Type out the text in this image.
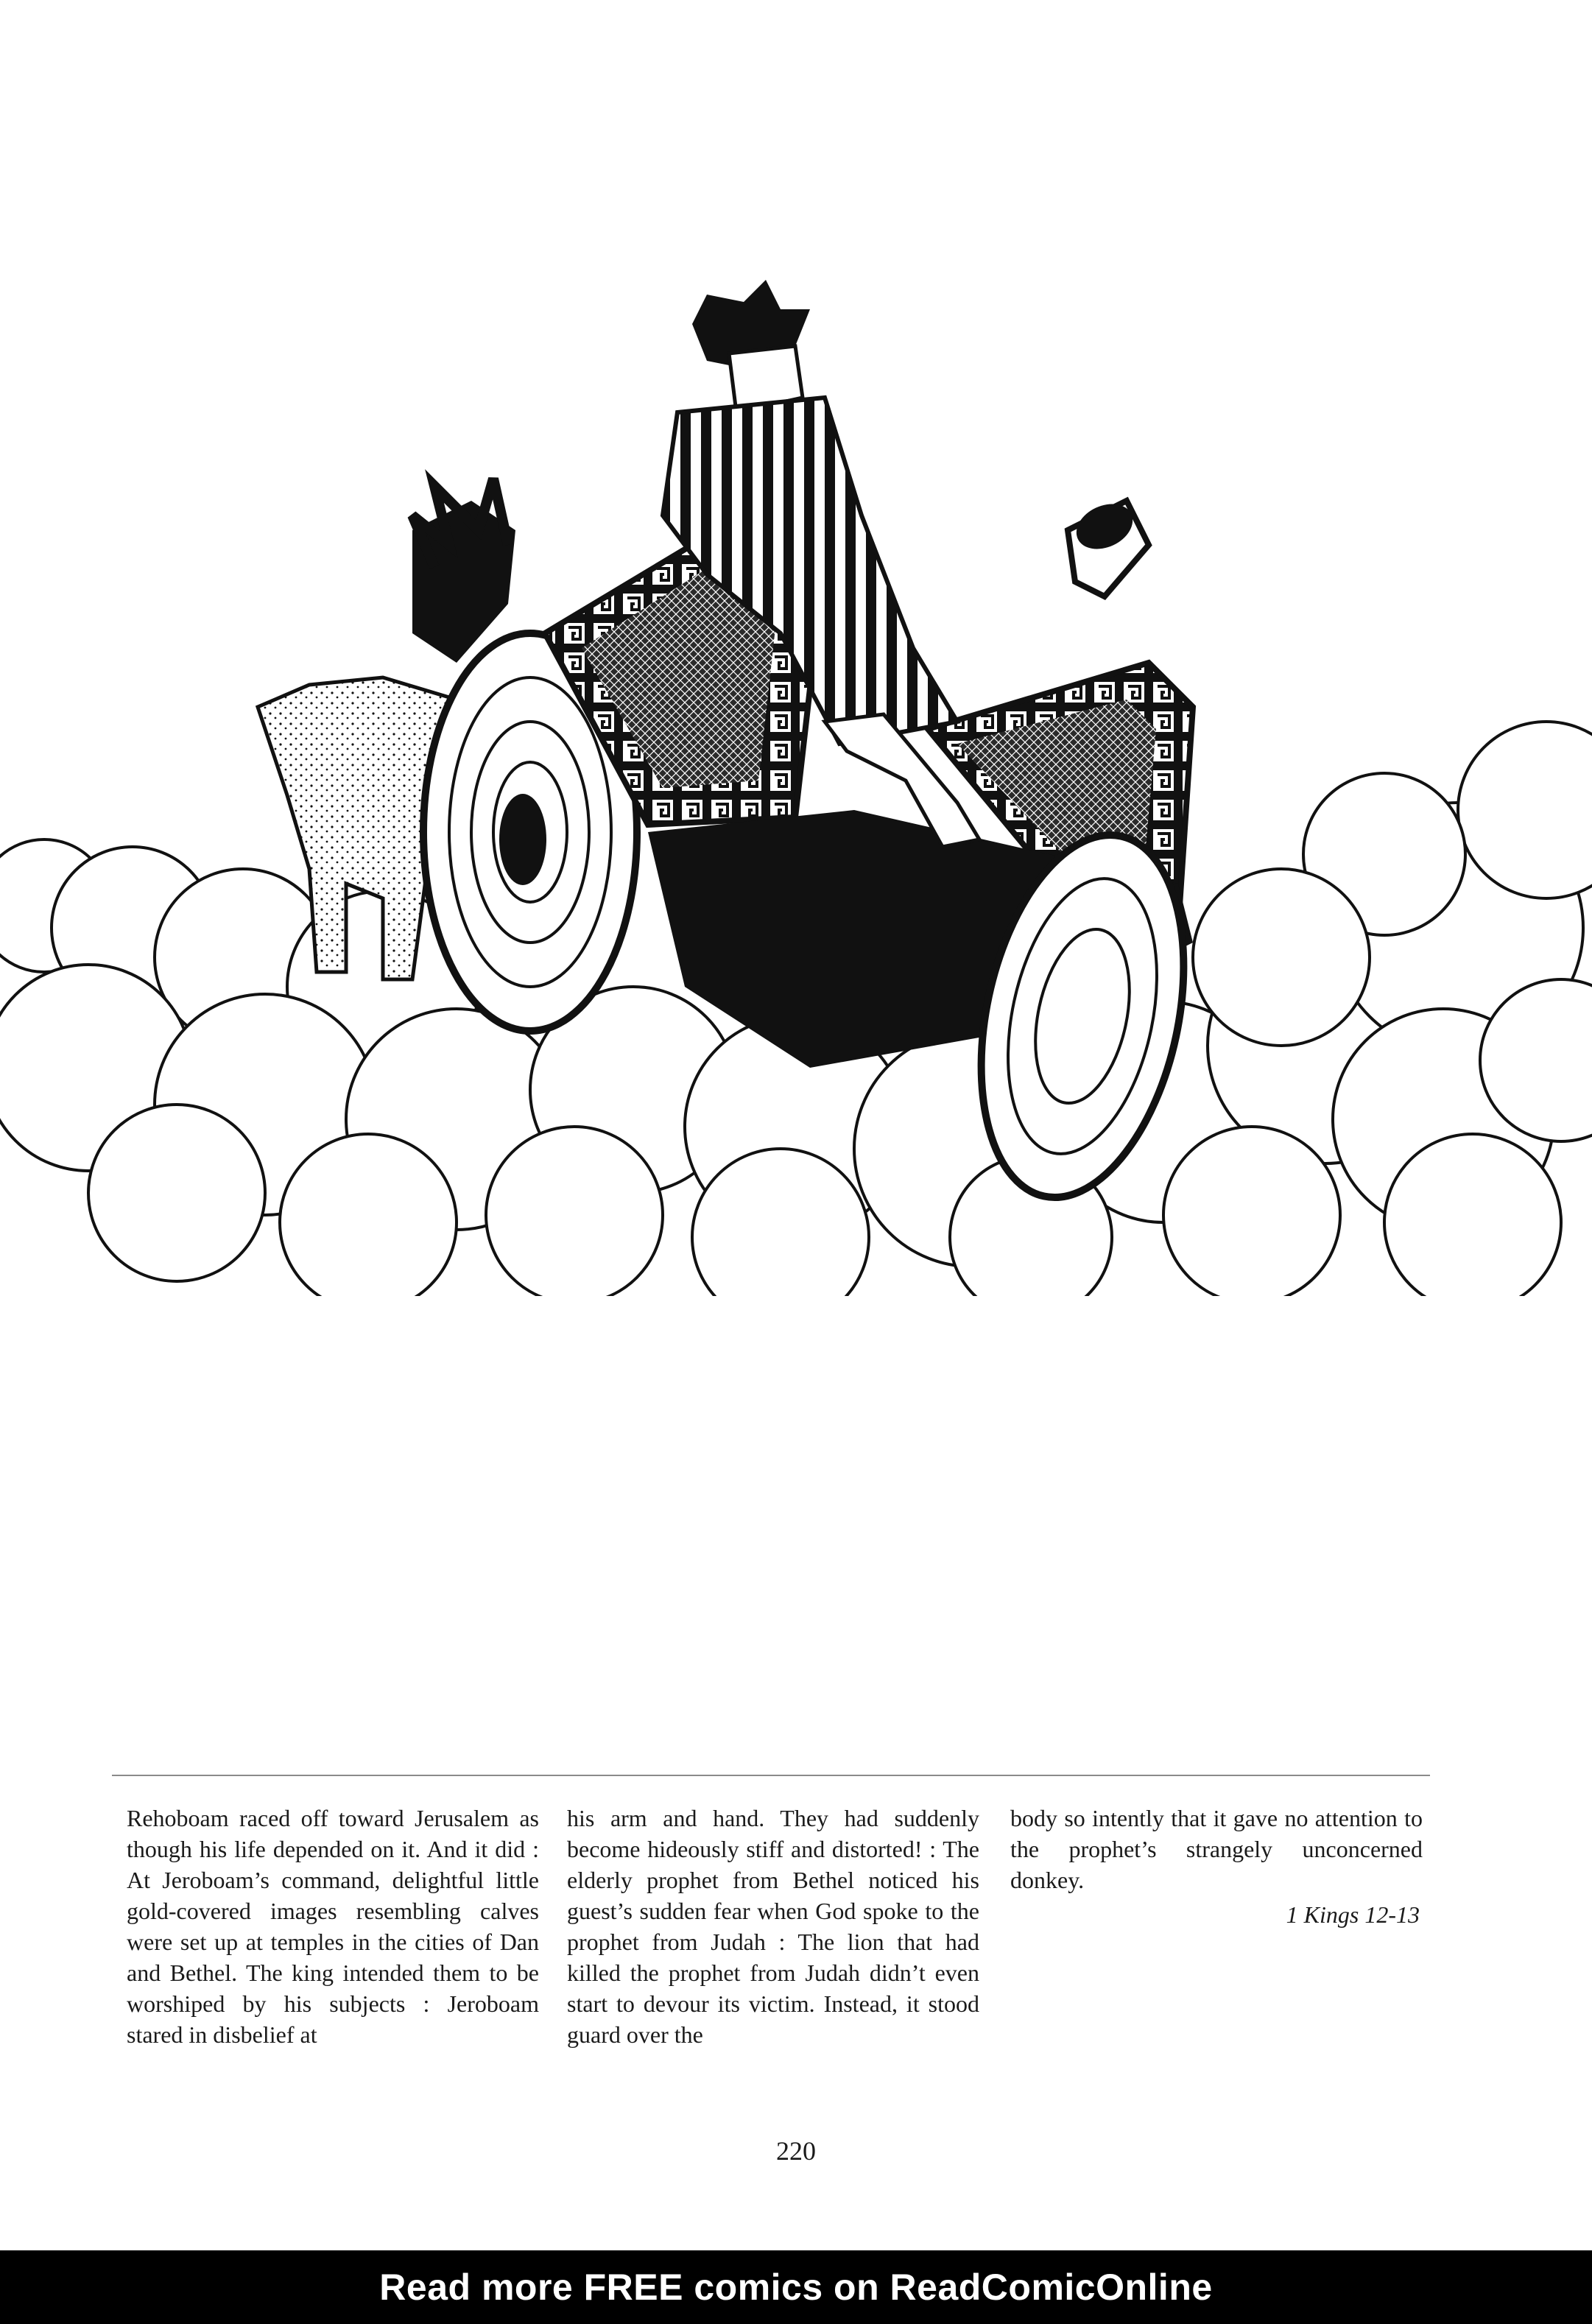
Rehoboam raced off toward Jerusalem as though his life depended on it. And it did : At Jeroboam’s command, delightful little gold-covered images resembling calves were set up at temples in the cities of Dan and Bethel. The king intended them to be worshiped by his subjects : Jeroboam stared in disbelief at

his arm and hand. They had suddenly become hideously stiff and distorted! : The elderly prophet from Bethel noticed his guest’s sudden fear when God spoke to the prophet from Judah : The lion that had killed the prophet from Judah didn’t even start to devour its victim. Instead, it stood guard over the

body so intently that it gave no attention to the prophet’s strangely unconcerned donkey.

1 Kings 12-13
220
Read more FREE comics on ReadComicOnline
